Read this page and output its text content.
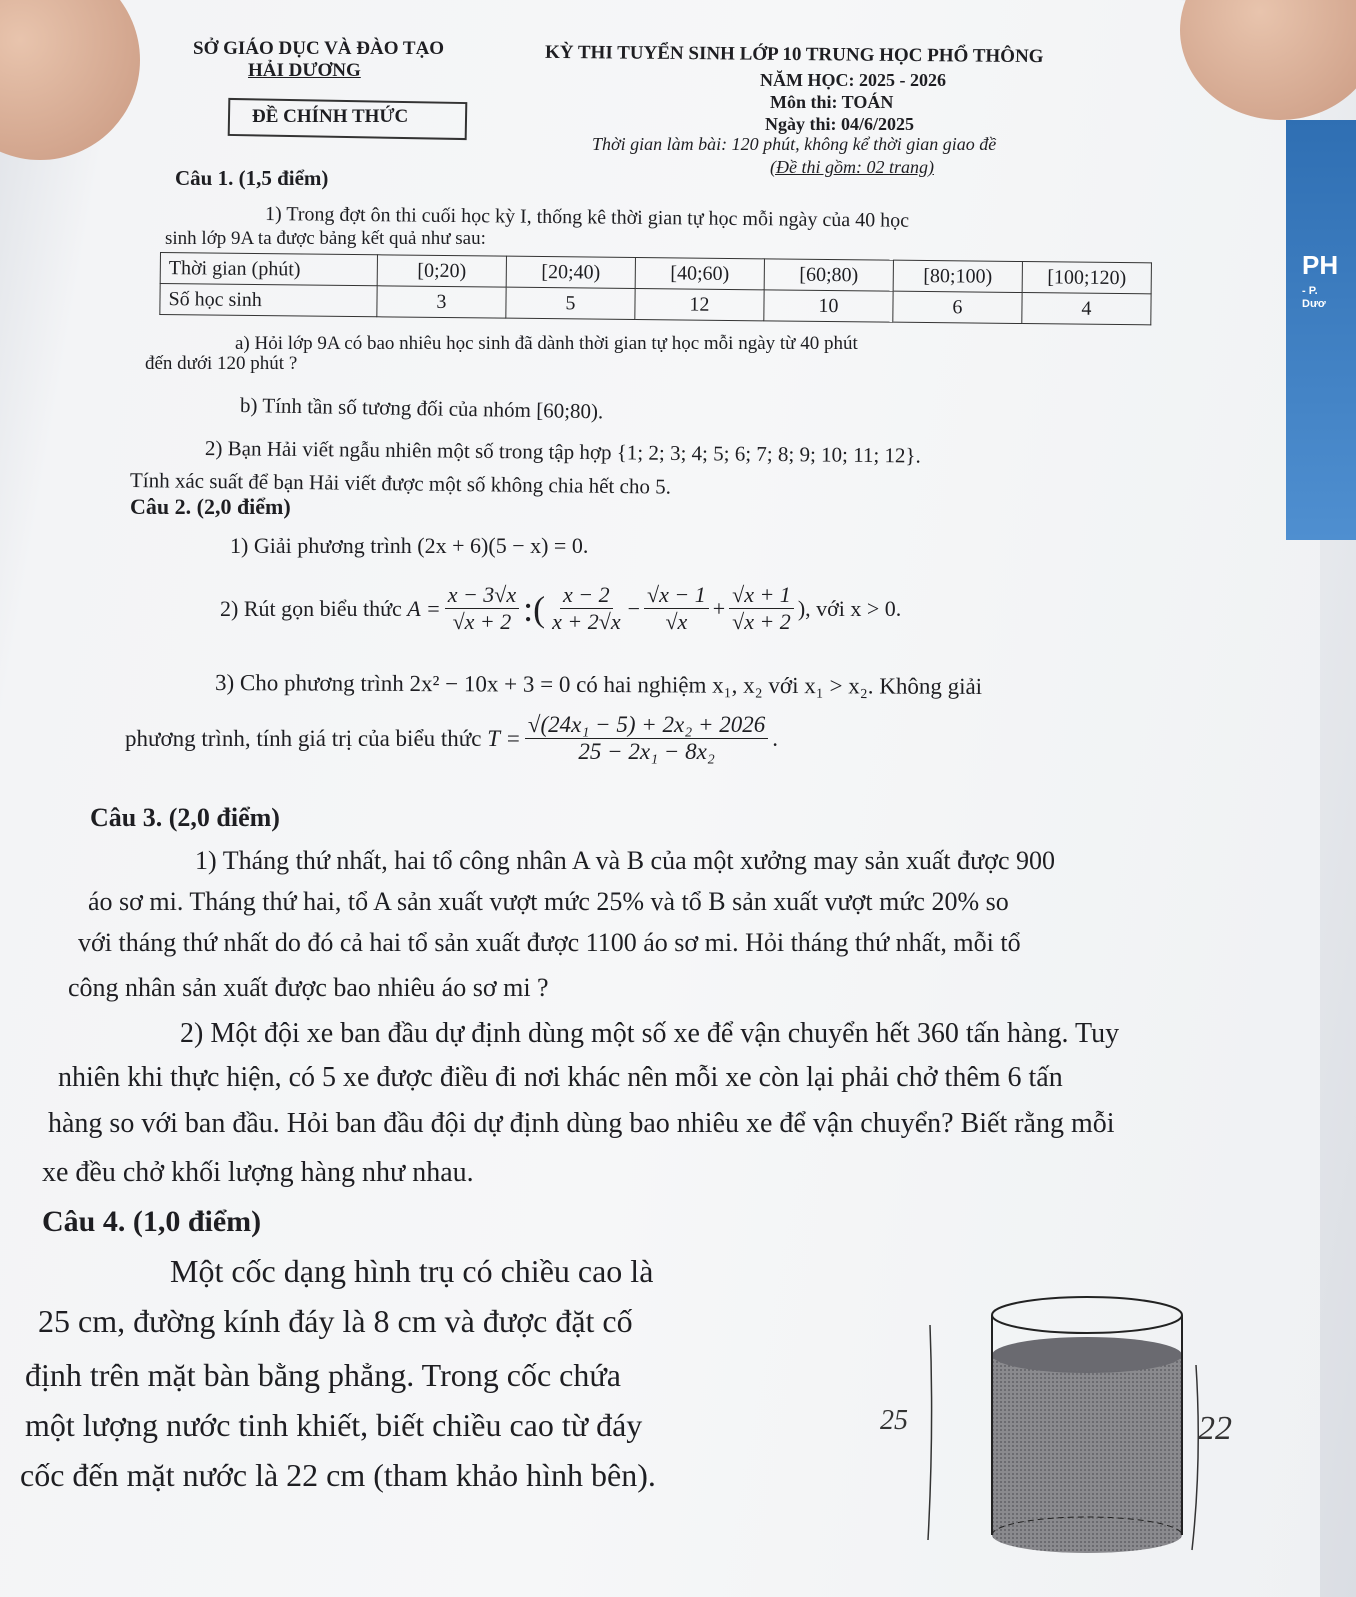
PH
- P.
Dươ
SỞ GIÁO DỤC VÀ ĐÀO TẠO
HẢI DƯƠNG
ĐỀ CHÍNH THỨC
KỲ THI TUYỂN SINH LỚP 10 TRUNG HỌC PHỔ THÔNG
NĂM HỌC: 2025 - 2026
Môn thi: TOÁN
Ngày thi: 04/6/2025
Thời gian làm bài: 120 phút, không kể thời gian giao đề
(Đề thi gồm: 02 trang)
Câu 1. (1,5 điểm)
1) Trong đợt ôn thi cuối học kỳ I, thống kê thời gian tự học mỗi ngày của 40 học
sinh lớp 9A ta được bảng kết quả như sau:
Thời gian (phút)	[0;20)	[20;40)	[40;60)	[60;80)	[80;100)	[100;120)
Số học sinh	3	5	12	10	6	4
a) Hỏi lớp 9A có bao nhiêu học sinh đã dành thời gian tự học mỗi ngày từ 40 phút
đến dưới 120 phút ?
b) Tính tần số tương đối của nhóm [60;80).
2) Bạn Hải viết ngẫu nhiên một số trong tập hợp {1; 2; 3; 4; 5; 6; 7; 8; 9; 10; 11; 12}.
Tính xác suất để bạn Hải viết được một số không chia hết cho 5.
Câu 2. (2,0 điểm)
1) Giải phương trình (2x + 6)(5 − x) = 0.
2) Rút gọn biểu thức
$A = \frac{x - 3√x}{√x + 2}$ :( $\frac{x - 2}{x + 2√x} - \frac{√x - 1}{√x} + \frac{√x + 1}{√x + 2}$ ), với x > 0.
3) Cho phương trình 2x² − 10x + 3 = 0 có hai nghiệm x₁, x₂ với x₁ > x₂. Không giải
phương trình, tính giá trị của biểu thức
$T = \frac{\text{√(24x₁ − 5) + 2x₂ + 2026}}{\text{25 − 2x₁ − 8x₂}}$ .
Câu 3. (2,0 điểm)
1) Tháng thứ nhất, hai tổ công nhân A và B của một xưởng may sản xuất được 900
áo sơ mi. Tháng thứ hai, tổ A sản xuất vượt mức 25% và tổ B sản xuất vượt mức 20% so
với tháng thứ nhất do đó cả hai tổ sản xuất được 1100 áo sơ mi. Hỏi tháng thứ nhất, mỗi tổ
công nhân sản xuất được bao nhiêu áo sơ mi ?
2) Một đội xe ban đầu dự định dùng một số xe để vận chuyển hết 360 tấn hàng. Tuy
nhiên khi thực hiện, có 5 xe được điều đi nơi khác nên mỗi xe còn lại phải chở thêm 6 tấn
hàng so với ban đầu. Hỏi ban đầu đội dự định dùng bao nhiêu xe để vận chuyển? Biết rằng mỗi
xe đều chở khối lượng hàng như nhau.
Câu 4. (1,0 điểm)
Một cốc dạng hình trụ có chiều cao là
25 cm, đường kính đáy là 8 cm và được đặt cố
định trên mặt bàn bằng phẳng. Trong cốc chứa
một lượng nước tinh khiết, biết chiều cao từ đáy
cốc đến mặt nước là 22 cm (tham khảo hình bên).
25	22
